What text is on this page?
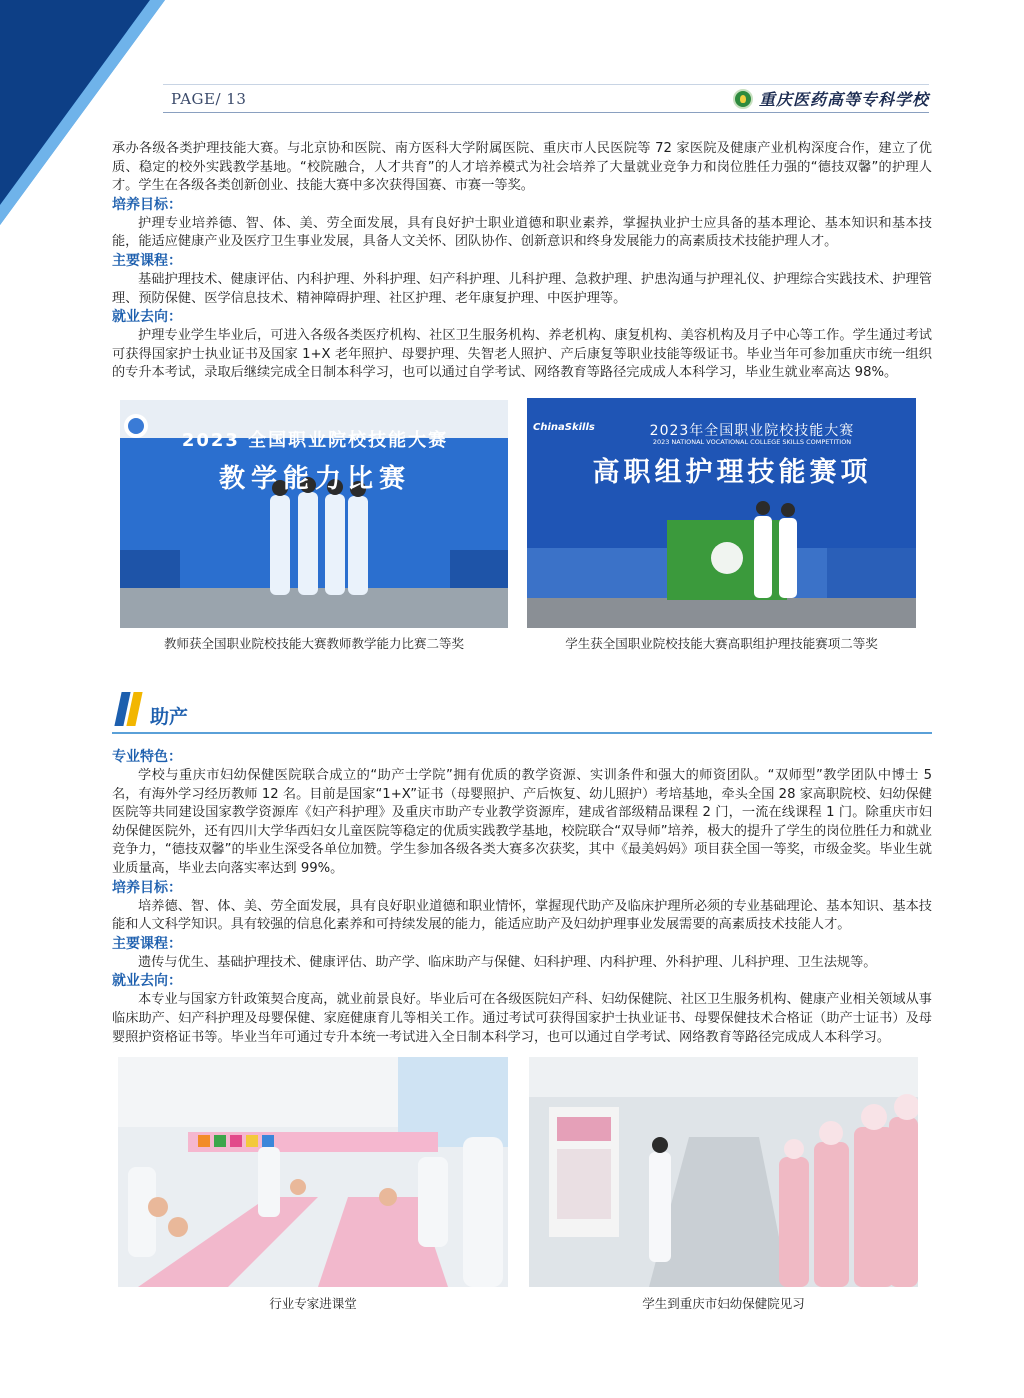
PAGE/ 13	重庆医药高等专科学校

承办各级各类护理技能大赛。与北京协和医院、南方医科大学附属医院、重庆市人民医院等 72 家医院及健康产业机构深度合作，建立了优质、稳定的校外实践教学基地。“校院融合，人才共育”的人才培养模式为社会培养了大量就业竞争力和岗位胜任力强的“德技双馨”的护理人才。学生在各级各类创新创业、技能大赛中多次获得国赛、市赛一等奖。

培养目标：

护理专业培养德、智、体、美、劳全面发展，具有良好护士职业道德和职业素养，掌握执业护士应具备的基本理论、基本知识和基本技能，能适应健康产业及医疗卫生事业发展，具备人文关怀、团队协作、创新意识和终身发展能力的高素质技术技能护理人才。

主要课程：

基础护理技术、健康评估、内科护理、外科护理、妇产科护理、儿科护理、急救护理、护患沟通与护理礼仪、护理综合实践技术、护理管理、预防保健、医学信息技术、精神障碍护理、社区护理、老年康复护理、中医护理等。

就业去向：

护理专业学生毕业后，可进入各级各类医疗机构、社区卫生服务机构、养老机构、康复机构、美容机构及月子中心等工作。学生通过考试可获得国家护士执业证书及国家 1+X 老年照护、母婴护理、失智老人照护、产后康复等职业技能等级证书。毕业当年可参加重庆市统一组织的专升本考试，录取后继续完成全日制本科学习，也可以通过自学考试、网络教育等路径完成成人本科学习，毕业生就业率高达 98%。

2023 全国职业院校技能大赛
教学能力比赛
教师获全国职业院校技能大赛教师教学能力比赛二等奖
ChinaSkills	2023年全国职业院校技能大赛
2023 NATIONAL VOCATIONAL COLLEGE SKILLS COMPETITION
高职组护理技能赛项
学生获全国职业院校技能大赛高职组护理技能赛项二等奖
助产

专业特色：

学校与重庆市妇幼保健医院联合成立的“助产士学院”拥有优质的教学资源、实训条件和强大的师资团队。“双师型”教学团队中博士 5 名，有海外学习经历教师 12 名。目前是国家“1+X”证书（母婴照护、产后恢复、幼儿照护）考培基地，牵头全国 28 家高职院校、妇幼保健医院等共同建设国家教学资源库《妇产科护理》及重庆市助产专业教学资源库，建成省部级精品课程 2 门，一流在线课程 1 门。除重庆市妇幼保健医院外，还有四川大学华西妇女儿童医院等稳定的优质实践教学基地，校院联合“双导师”培养，极大的提升了学生的岗位胜任力和就业竞争力，“德技双馨”的毕业生深受各单位加赞。学生参加各级各类大赛多次获奖，其中《最美妈妈》项目获全国一等奖，市级金奖。毕业生就业质量高，毕业去向落实率达到 99%。

培养目标：

培养德、智、体、美、劳全面发展，具有良好职业道德和职业情怀，掌握现代助产及临床护理所必须的专业基础理论、基本知识、基本技能和人文科学知识。具有较强的信息化素养和可持续发展的能力，能适应助产及妇幼护理事业发展需要的高素质技术技能人才。

主要课程：

遗传与优生、基础护理技术、健康评估、助产学、临床助产与保健、妇科护理、内科护理、外科护理、儿科护理、卫生法规等。

就业去向：

本专业与国家方针政策契合度高，就业前景良好。毕业后可在各级医院妇产科、妇幼保健院、社区卫生服务机构、健康产业相关领域从事临床助产、妇产科护理及母婴保健、家庭健康育儿等相关工作。通过考试可获得国家护士执业证书、母婴保健技术合格证（助产士证书）及母婴照护资格证书等。毕业当年可通过专升本统一考试进入全日制本科学习，也可以通过自学考试、网络教育等路径完成成人本科学习。

行业专家进课堂	学生到重庆市妇幼保健院见习
